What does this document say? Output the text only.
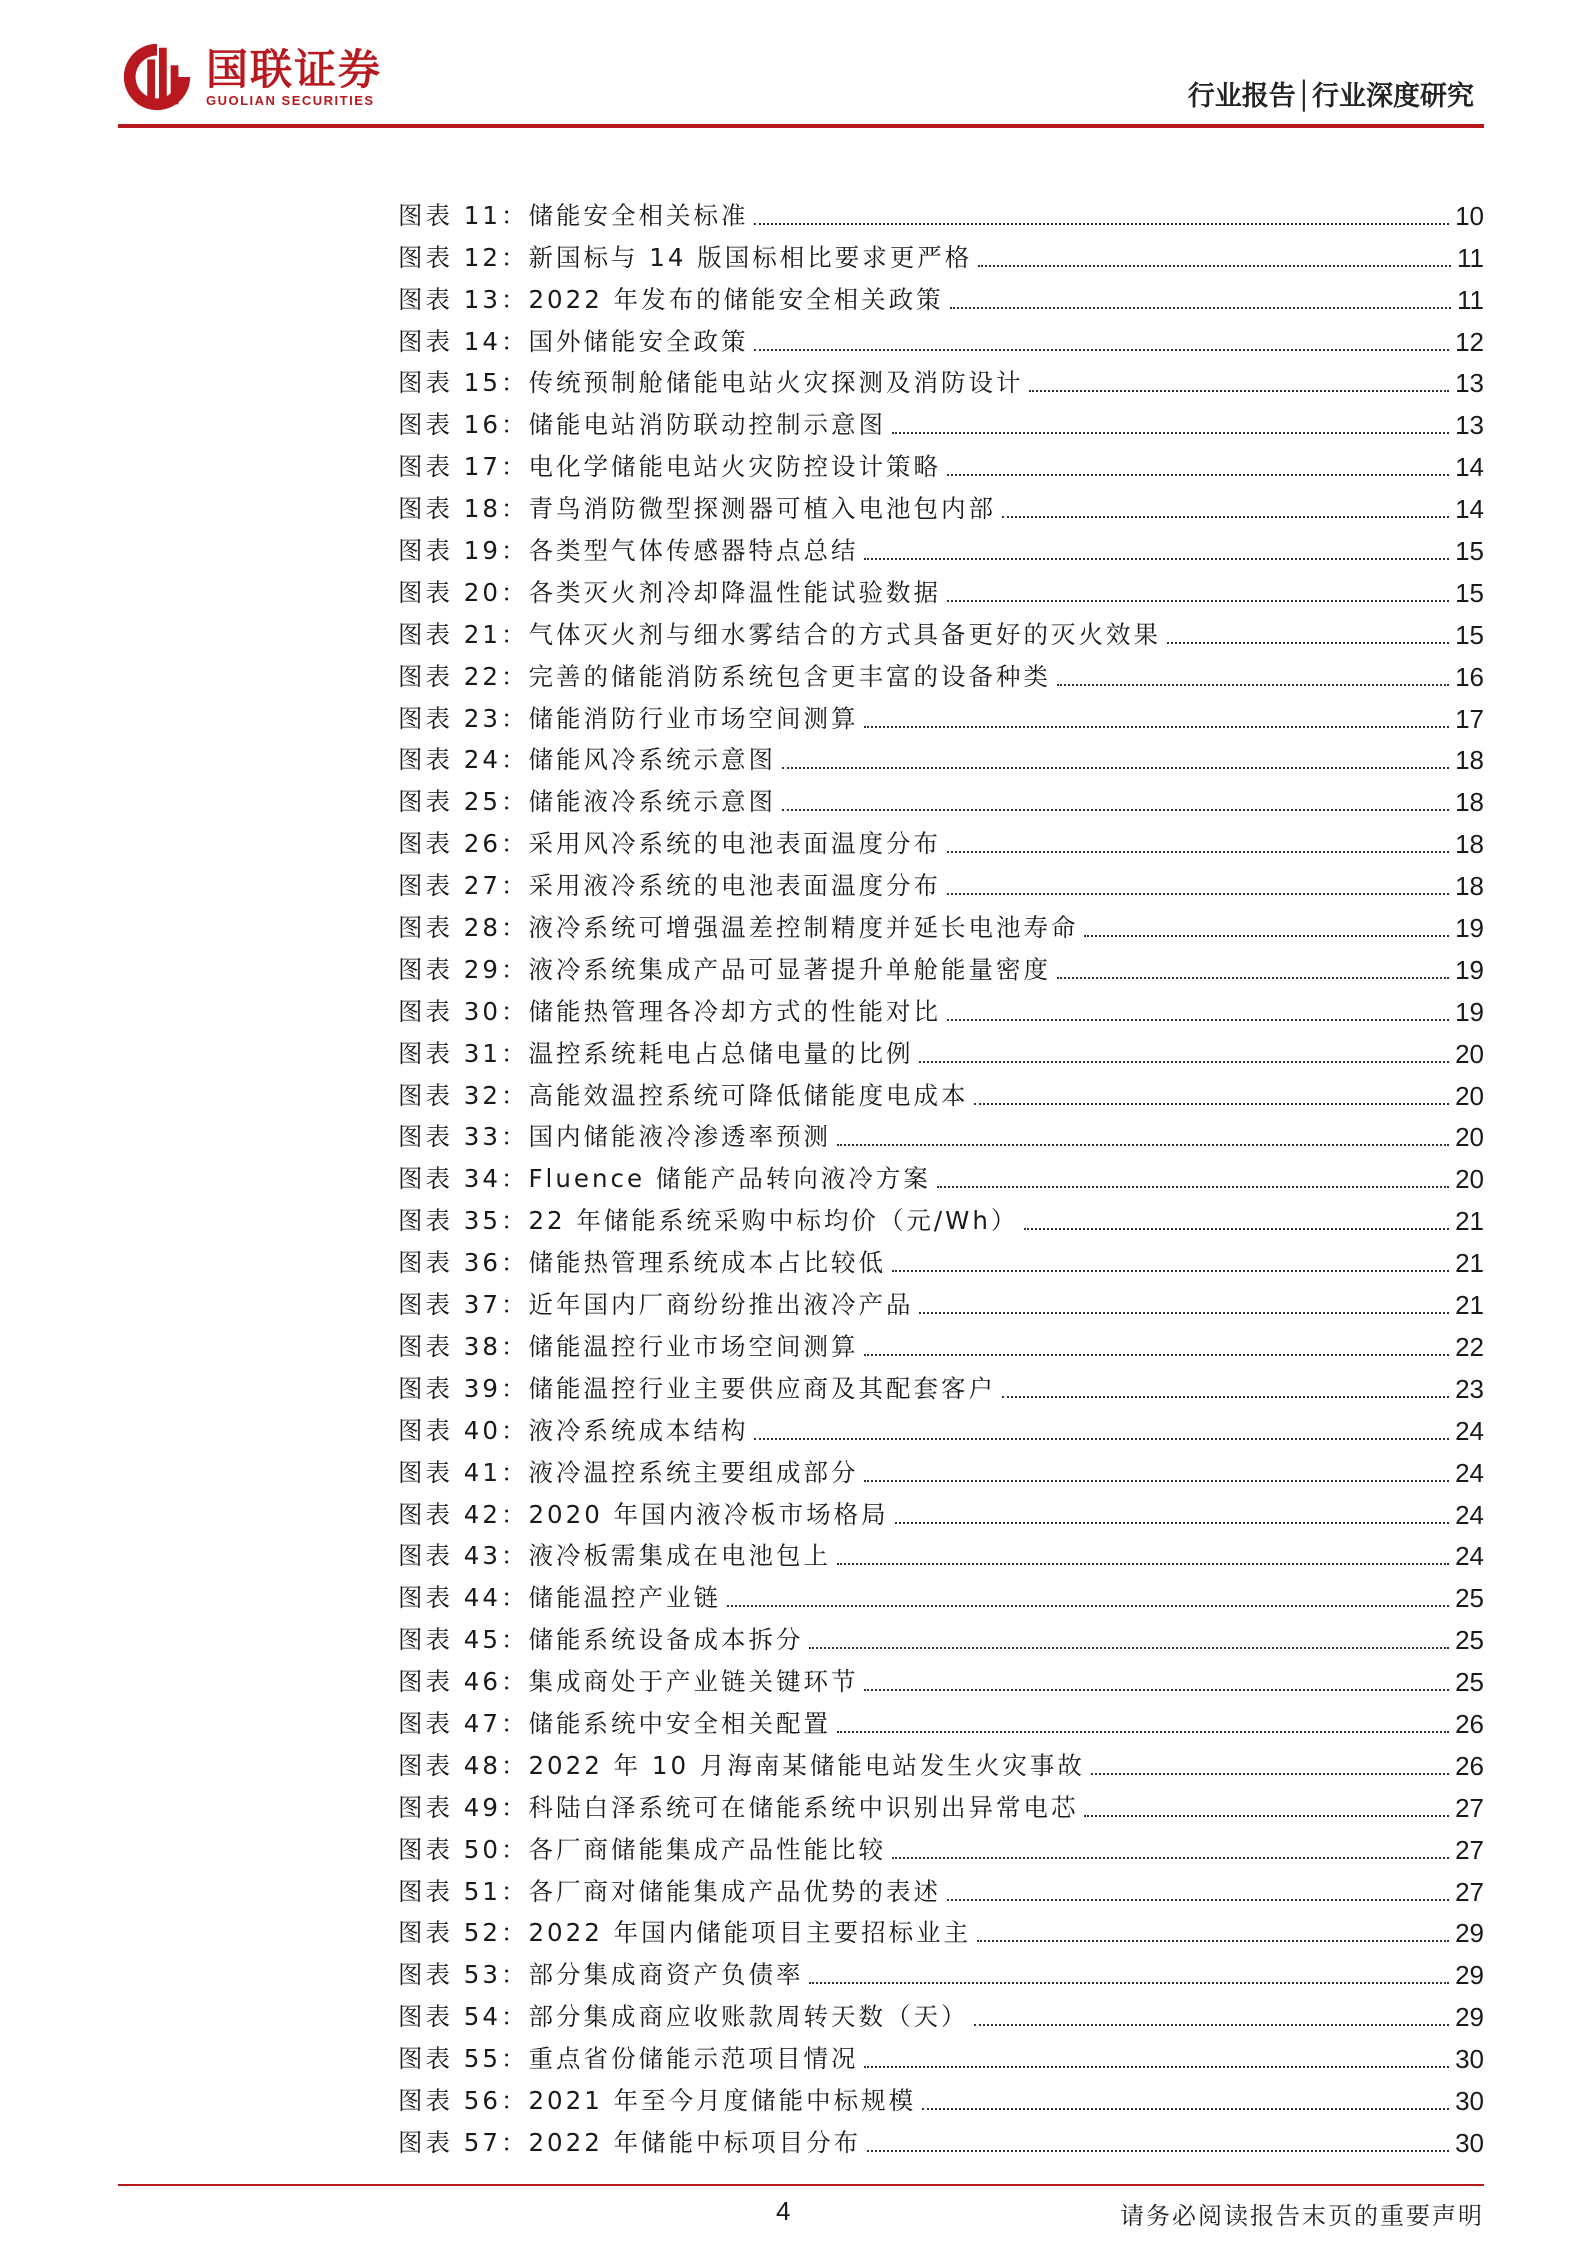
国联证券
GUOLIAN SECURITIES	行业报告│行业深度研究
图表 11：储能安全相关标准	10
图表 12：新国标与 14 版国标相比要求更严格	11
图表 13：2022 年发布的储能安全相关政策	11
图表 14：国外储能安全政策	12
图表 15：传统预制舱储能电站火灾探测及消防设计	13
图表 16：储能电站消防联动控制示意图	13
图表 17：电化学储能电站火灾防控设计策略	14
图表 18：青鸟消防微型探测器可植入电池包内部	14
图表 19：各类型气体传感器特点总结	15
图表 20：各类灭火剂冷却降温性能试验数据	15
图表 21：气体灭火剂与细水雾结合的方式具备更好的灭火效果	15
图表 22：完善的储能消防系统包含更丰富的设备种类	16
图表 23：储能消防行业市场空间测算	17
图表 24：储能风冷系统示意图	18
图表 25：储能液冷系统示意图	18
图表 26：采用风冷系统的电池表面温度分布	18
图表 27：采用液冷系统的电池表面温度分布	18
图表 28：液冷系统可增强温差控制精度并延长电池寿命	19
图表 29：液冷系统集成产品可显著提升单舱能量密度	19
图表 30：储能热管理各冷却方式的性能对比	19
图表 31：温控系统耗电占总储电量的比例	20
图表 32：高能效温控系统可降低储能度电成本	20
图表 33：国内储能液冷渗透率预测	20
图表 34：Fluence 储能产品转向液冷方案	20
图表 35：22 年储能系统采购中标均价（元/Wh）	21
图表 36：储能热管理系统成本占比较低	21
图表 37：近年国内厂商纷纷推出液冷产品	21
图表 38：储能温控行业市场空间测算	22
图表 39：储能温控行业主要供应商及其配套客户	23
图表 40：液冷系统成本结构	24
图表 41：液冷温控系统主要组成部分	24
图表 42：2020 年国内液冷板市场格局	24
图表 43：液冷板需集成在电池包上	24
图表 44：储能温控产业链	25
图表 45：储能系统设备成本拆分	25
图表 46：集成商处于产业链关键环节	25
图表 47：储能系统中安全相关配置	26
图表 48：2022 年 10 月海南某储能电站发生火灾事故	26
图表 49：科陆白泽系统可在储能系统中识别出异常电芯	27
图表 50：各厂商储能集成产品性能比较	27
图表 51：各厂商对储能集成产品优势的表述	27
图表 52：2022 年国内储能项目主要招标业主	29
图表 53：部分集成商资产负债率	29
图表 54：部分集成商应收账款周转天数（天）	29
图表 55：重点省份储能示范项目情况	30
图表 56：2021 年至今月度储能中标规模	30
图表 57：2022 年储能中标项目分布	30
4	请务必阅读报告末页的重要声明
